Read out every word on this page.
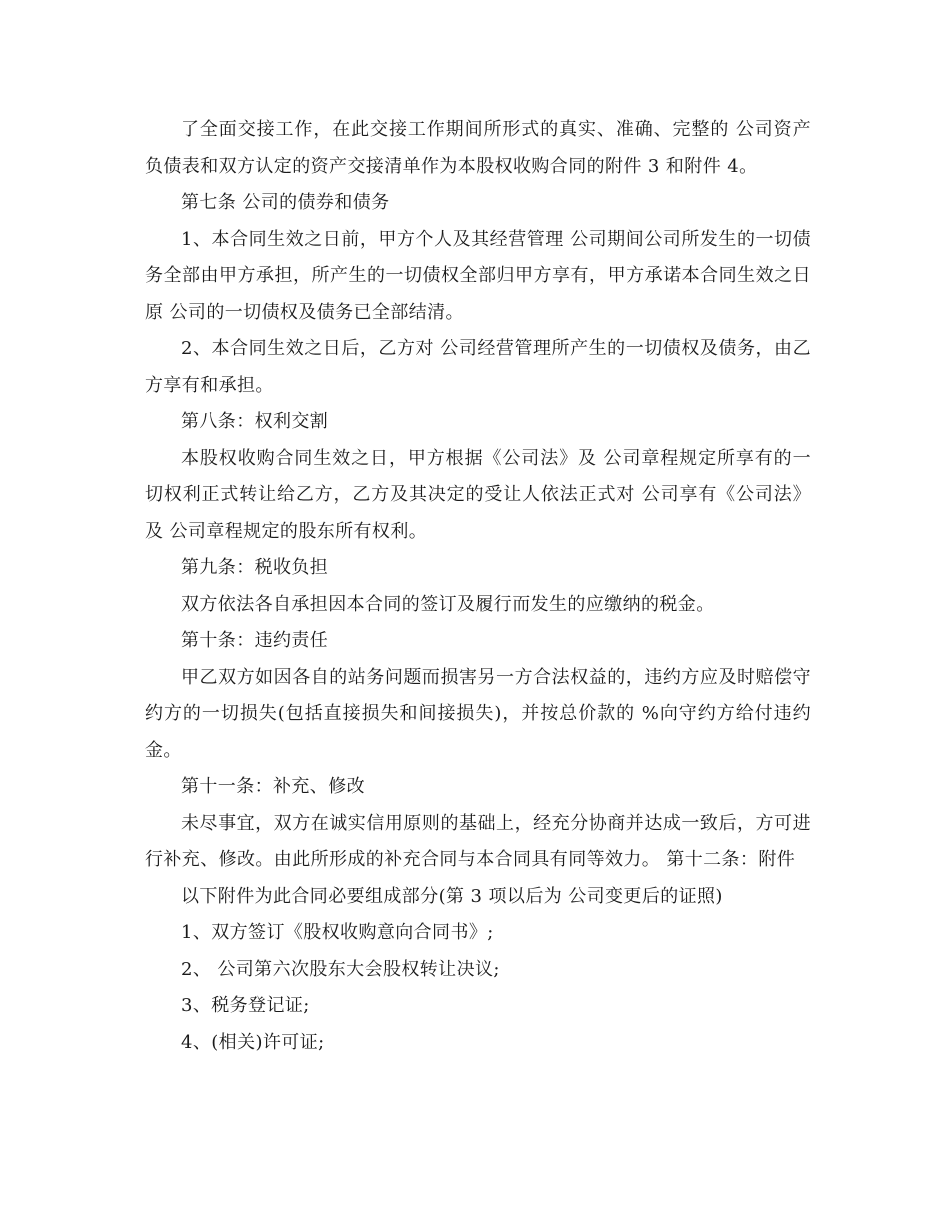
了全面交接工作，在此交接工作期间所形式的真实、准确、完整的 公司资产负债表和双方认定的资产交接清单作为本股权收购合同的附件 3 和附件 4。

第七条 公司的债券和债务

1、本合同生效之日前，甲方个人及其经营管理 公司期间公司所发生的一切债务全部由甲方承担，所产生的一切债权全部归甲方享有，甲方承诺本合同生效之日原 公司的一切债权及债务已全部结清。

2、本合同生效之日后，乙方对 公司经营管理所产生的一切债权及债务，由乙方享有和承担。

第八条：权利交割

本股权收购合同生效之日，甲方根据《公司法》及 公司章程规定所享有的一切权利正式转让给乙方，乙方及其决定的受让人依法正式对 公司享有《公司法》及 公司章程规定的股东所有权利。

第九条：税收负担

双方依法各自承担因本合同的签订及履行而发生的应缴纳的税金。

第十条：违约责任

甲乙双方如因各自的站务问题而损害另一方合法权益的，违约方应及时赔偿守约方的一切损失(包括直接损失和间接损失)，并按总价款的 %向守约方给付违约金。

第十一条：补充、修改

未尽事宜，双方在诚实信用原则的基础上，经充分协商并达成一致后，方可进行补充、修改。由此所形成的补充合同与本合同具有同等效力。 第十二条：附件

以下附件为此合同必要组成部分(第 3 项以后为 公司变更后的证照)

1、双方签订《股权收购意向合同书》;

2、 公司第六次股东大会股权转让决议;

3、税务登记证;

4、(相关)许可证;
